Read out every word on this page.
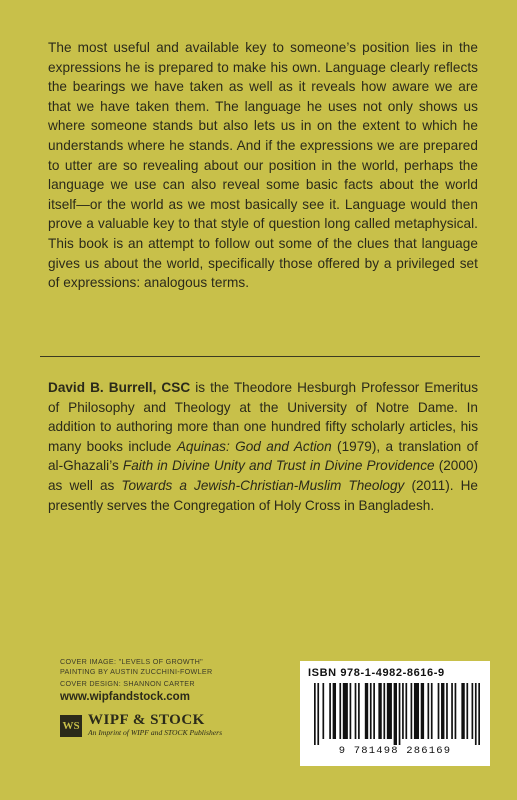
The most useful and available key to someone’s position lies in the expressions he is prepared to make his own. Language clearly reflects the bearings we have taken as well as it reveals how aware we are that we have taken them. The language he uses not only shows us where someone stands but also lets us in on the extent to which he understands where he stands. And if the expressions we are prepared to utter are so revealing about our position in the world, perhaps the language we use can also reveal some basic facts about the world itself—or the world as we most basically see it. Language would then prove a valuable key to that style of question long called metaphysical. This book is an attempt to follow out some of the clues that language gives us about the world, specifically those offered by a privileged set of expressions: analogous terms.
David B. Burrell, CSC is the Theodore Hesburgh Professor Emeritus of Philosophy and Theology at the University of Notre Dame. In addition to authoring more than one hundred fifty scholarly articles, his many books include Aquinas: God and Action (1979), a translation of al-Ghazali’s Faith in Divine Unity and Trust in Divine Providence (2000) as well as Towards a Jewish-Christian-Muslim Theology (2011). He presently serves the Congregation of Holy Cross in Bangladesh.
COVER IMAGE: "LEVELS OF GROWTH"
PAINTING BY AUSTIN ZUCCHINI-FOWLER
COVER DESIGN: SHANNON CARTER
www.wipfandstock.com
WS WIPF & STOCK
An Imprint of WIPF and STOCK Publishers
ISBN 978-1-4982-8616-9
9 781498 286169
